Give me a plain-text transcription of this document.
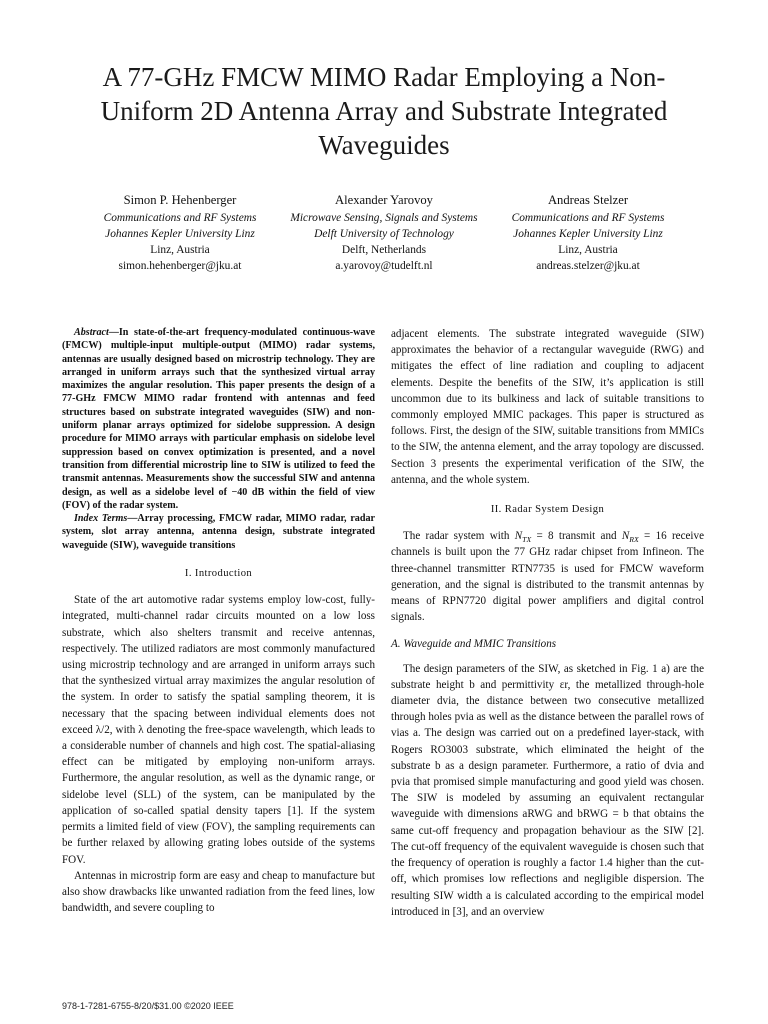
A 77-GHz FMCW MIMO Radar Employing a Non-Uniform 2D Antenna Array and Substrate Integrated Waveguides
Simon P. Hehenberger
Communications and RF Systems
Johannes Kepler University Linz
Linz, Austria
simon.hehenberger@jku.at
Alexander Yarovoy
Microwave Sensing, Signals and Systems
Delft University of Technology
Delft, Netherlands
a.yarovoy@tudelft.nl
Andreas Stelzer
Communications and RF Systems
Johannes Kepler University Linz
Linz, Austria
andreas.stelzer@jku.at

Abstract—In state-of-the-art frequency-modulated continuous-wave (FMCW) multiple-input multiple-output (MIMO) radar systems, antennas are usually designed based on microstrip technology. They are arranged in uniform arrays such that the synthesized virtual array maximizes the angular resolution. This paper presents the design of a 77-GHz FMCW MIMO radar frontend with antennas and feed structures based on substrate integrated waveguides (SIW) and non-uniform planar arrays optimized for sidelobe suppression. A design procedure for MIMO arrays with particular emphasis on sidelobe level suppression based on convex optimization is presented, and a novel transition from differential microstrip line to SIW is utilized to feed the transmit antennas. Measurements show the successful SIW and antenna design, as well as a sidelobe level of −40 dB within the field of view (FOV) of the radar system.

Index Terms—Array processing, FMCW radar, MIMO radar, radar system, slot array antenna, antenna design, substrate integrated waveguide (SIW), waveguide transitions

I. Introduction

State of the art automotive radar systems employ low-cost, fully-integrated, multi-channel radar circuits mounted on a low loss substrate, which also shelters transmit and receive antennas, respectively. The utilized radiators are most commonly manufactured using microstrip technology and are arranged in uniform arrays such that the synthesized virtual array maximizes the angular resolution of the system. In order to satisfy the spatial sampling theorem, it is necessary that the spacing between individual elements does not exceed λ/2, with λ denoting the free-space wavelength, which leads to a considerable number of channels and high cost. The spatial-aliasing effect can be mitigated by employing non-uniform arrays. Furthermore, the angular resolution, as well as the dynamic range, or sidelobe level (SLL) of the system, can be manipulated by the application of so-called spatial density tapers [1]. If the system permits a limited field of view (FOV), the sampling requirements can be further relaxed by allowing grating lobes outside of the systems FOV.

Antennas in microstrip form are easy and cheap to manufacture but also show drawbacks like unwanted radiation from the feed lines, low bandwidth, and severe coupling to

adjacent elements. The substrate integrated waveguide (SIW) approximates the behavior of a rectangular waveguide (RWG) and mitigates the effect of line radiation and coupling to adjacent elements. Despite the benefits of the SIW, it’s application is still uncommon due to its bulkiness and lack of suitable transitions to commonly employed MMIC packages. This paper is structured as follows. First, the design of the SIW, suitable transitions from MMICs to the SIW, the antenna element, and the array topology are discussed. Section 3 presents the experimental verification of the SIW, the antenna, and the whole system.

II. Radar System Design

The radar system with $N_{TX} = 8$ transmit and $N_{RX} = 16$ receive channels is built upon the 77 GHz radar chipset from Infineon. The three-channel transmitter RTN7735 is used for FMCW waveform generation, and the signal is distributed to the transmit antennas by means of RPN7720 digital power amplifiers and digital control signals.

A. Waveguide and MMIC Transitions

The design parameters of the SIW, as sketched in Fig. 1 a) are the substrate height b and permittivity εr, the metallized through-hole diameter dvia, the distance between two consecutive metallized through holes pvia as well as the distance between the parallel rows of vias a. The design was carried out on a predefined layer-stack, with Rogers RO3003 substrate, which eliminated the height of the substrate b as a design parameter. Furthermore, a ratio of dvia and pvia that promised simple manufacturing and good yield was chosen. The SIW is modeled by assuming an equivalent rectangular waveguide with dimensions aRWG and bRWG = b that obtains the same cut-off frequency and propagation behaviour as the SIW [2]. The cut-off frequency of the equivalent waveguide is chosen such that the frequency of operation is roughly a factor 1.4 higher than the cut-off, which promises low reflections and negligible dispersion. The resulting SIW width a is calculated according to the empirical model introduced in [3], and an overview

978-1-7281-6755-8/20/$31.00 ©2020 IEEE
